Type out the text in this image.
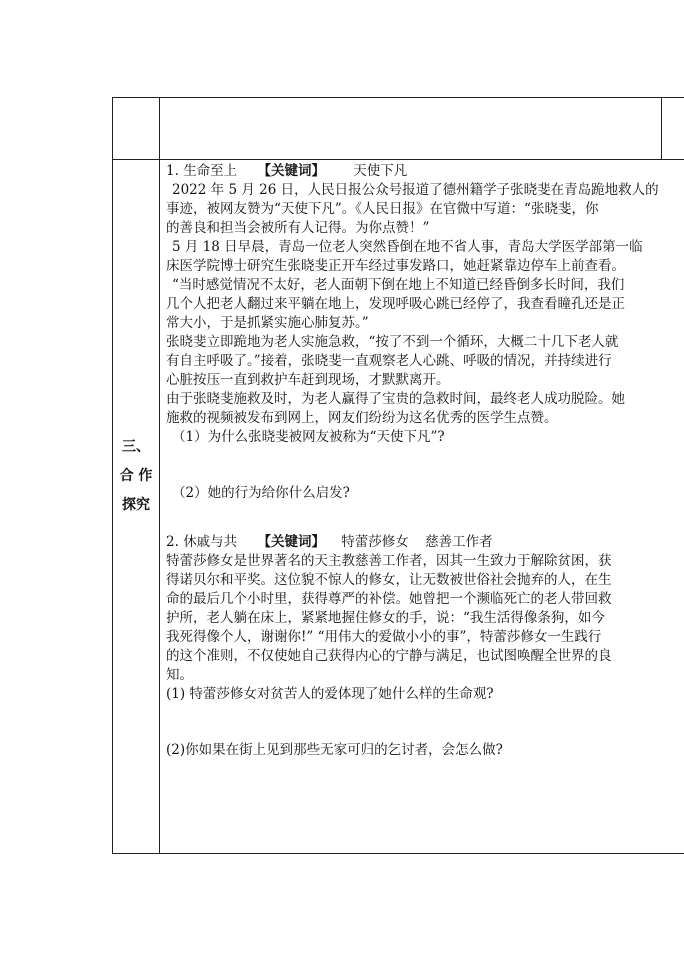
三、
合 作
探究
1. 生命至上 【关键词】 天使下凡
2022 年 5 月 26 日，人民日报公众号报道了德州籍学子张晓斐在青岛跪地救人的
事迹，被网友赞为“天使下凡”。《人民日报》在官微中写道：“张晓斐，你
的善良和担当会被所有人记得。为你点赞！”
5 月 18 日早晨，青岛一位老人突然昏倒在地不省人事，青岛大学医学部第一临
床医学院博士研究生张晓斐正开车经过事发路口，她赶紧靠边停车上前查看。
“当时感觉情况不太好，老人面朝下倒在地上不知道已经昏倒多长时间，我们
几个人把老人翻过来平躺在地上，发现呼吸心跳已经停了，我查看瞳孔还是正
常大小，于是抓紧实施心肺复苏。”
张晓斐立即跪地为老人实施急救，“按了不到一个循环，大概二十几下老人就
有自主呼吸了。”接着，张晓斐一直观察老人心跳、呼吸的情况，并持续进行
心脏按压一直到救护车赶到现场，才默默离开。
由于张晓斐施救及时，为老人赢得了宝贵的急救时间，最终老人成功脱险。她
施救的视频被发布到网上，网友们纷纷为这名优秀的医学生点赞。
（1）为什么张晓斐被网友被称为“天使下凡”?
（2）她的行为给你什么启发?
2. 休戚与共 【关键词】 特蕾莎修女 慈善工作者
特蕾莎修女是世界著名的天主教慈善工作者，因其一生致力于解除贫困，获
得诺贝尔和平奖。这位貌不惊人的修女，让无数被世俗社会抛弃的人，在生
命的最后几个小时里，获得尊严的补偿。她曾把一个濒临死亡的老人带回救
护所，老人躺在床上，紧紧地握住修女的手，说：“我生活得像条狗，如今
我死得像个人，谢谢你!” “用伟大的爱做小小的事”，特蕾莎修女一生践行
的这个准则，不仅使她自己获得内心的宁静与满足，也试图唤醒全世界的良
知。
(1) 特蕾莎修女对贫苦人的爱体现了她什么样的生命观?
(2)你如果在街上见到那些无家可归的乞讨者，会怎么做?
